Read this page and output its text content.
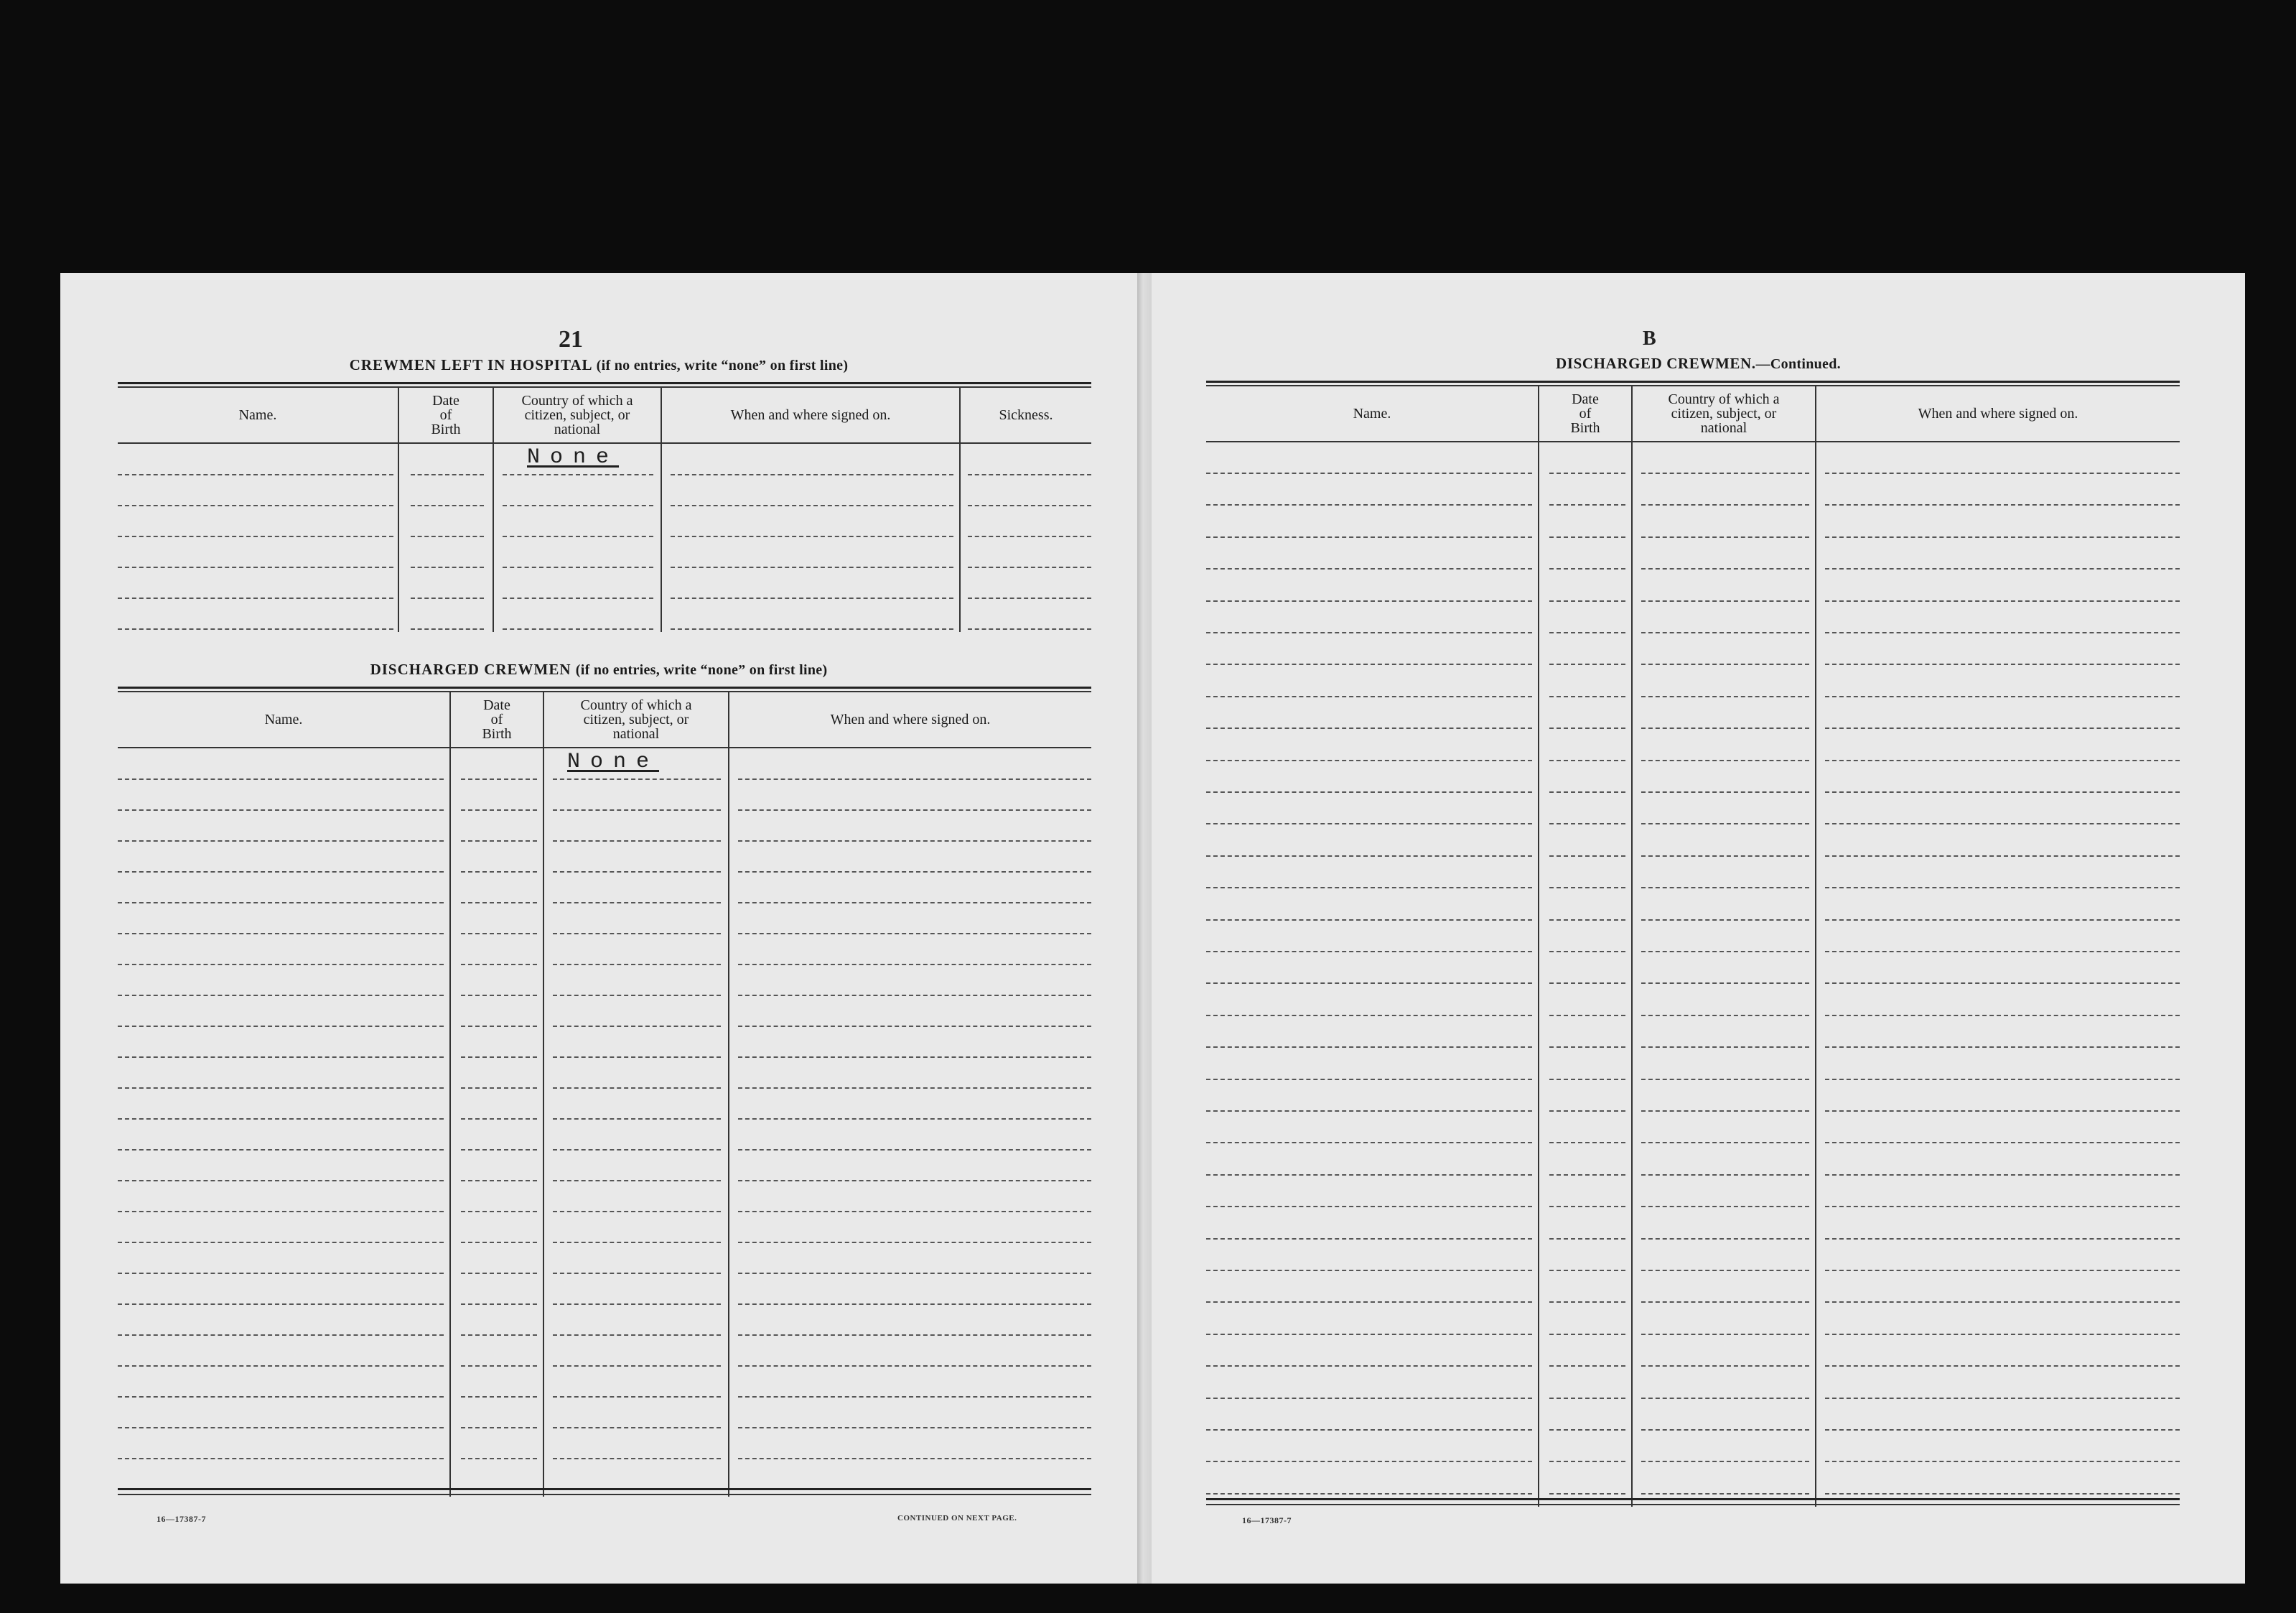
21
CREWMEN LEFT IN HOSPITAL (if no entries, write “none” on first line)
Name.
Date
of
Birth
Country of which a
citizen, subject, or
national
When and where signed on.	Sickness.
None
DISCHARGED CREWMEN (if no entries, write “none” on first line)
Name.
Date
of
Birth
Country of which a
citizen, subject, or
national
When and where signed on.
None
16—17387-7	CONTINUED ON NEXT PAGE.
B
DISCHARGED CREWMEN.—Continued.
Name.
Date
of
Birth
Country of which a
citizen, subject, or
national
When and where signed on.
16—17387-7
